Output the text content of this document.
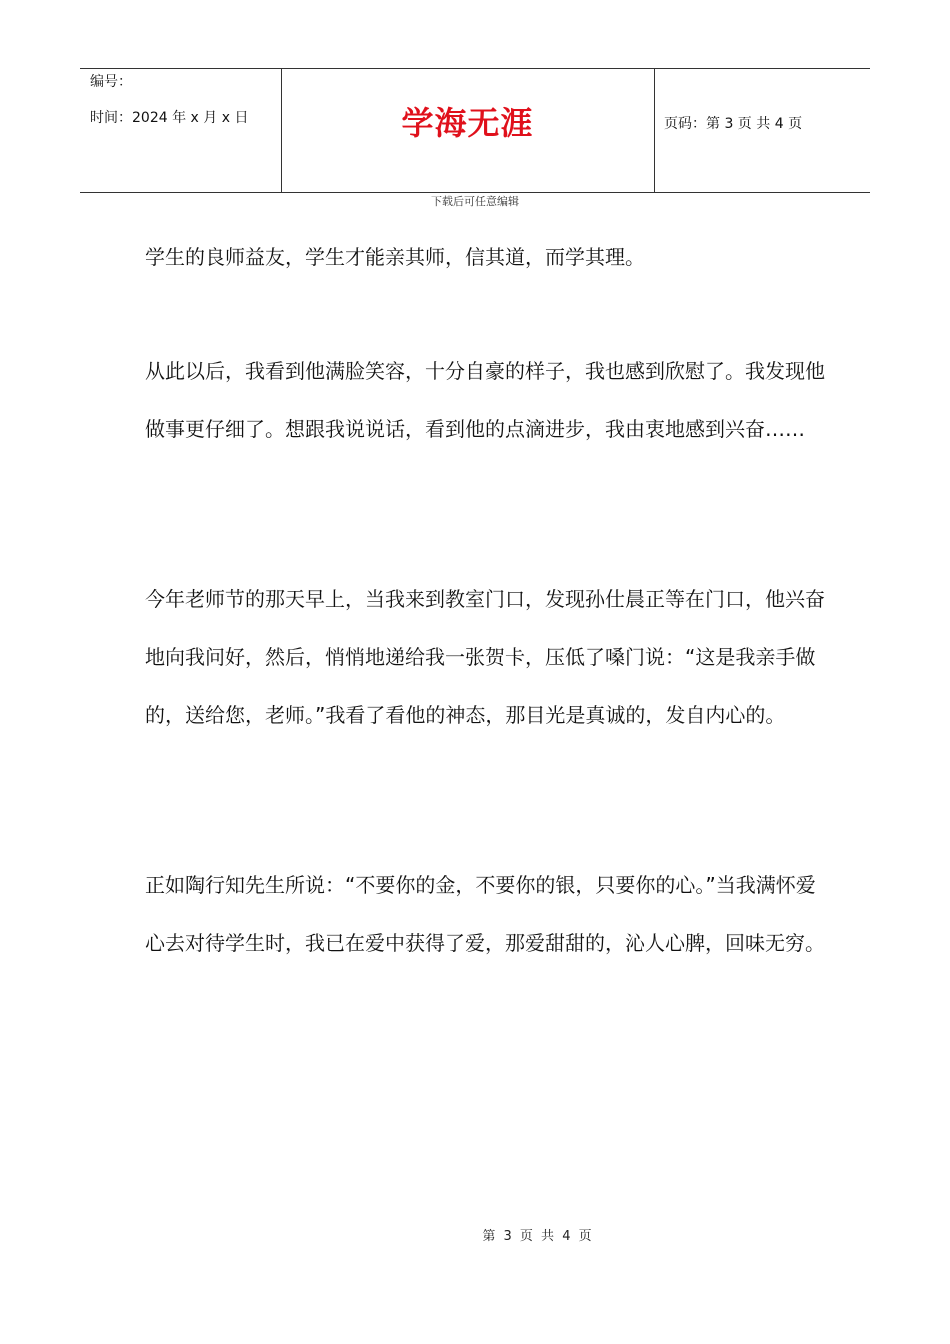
编号：
时间：2024 年 x 月 x 日	学海无涯	页码：第 3 页 共 4 页
下载后可任意编辑

学生的良师益友，学生才能亲其师，信其道，而学其理。

从此以后，我看到他满脸笑容，十分自豪的样子，我也感到欣慰了。我发现他做事更仔细了。想跟我说说话，看到他的点滴进步，我由衷地感到兴奋……

今年老师节的那天早上，当我来到教室门口，发现孙仕晨正等在门口，他兴奋地向我问好，然后，悄悄地递给我一张贺卡，压低了嗓门说：“这是我亲手做的，送给您，老师。”我看了看他的神态，那目光是真诚的，发自内心的。

正如陶行知先生所说：“不要你的金，不要你的银，只要你的心。”当我满怀爱心去对待学生时，我已在爱中获得了爱，那爱甜甜的，沁人心脾，回味无穷。

第 3 页 共 4 页
